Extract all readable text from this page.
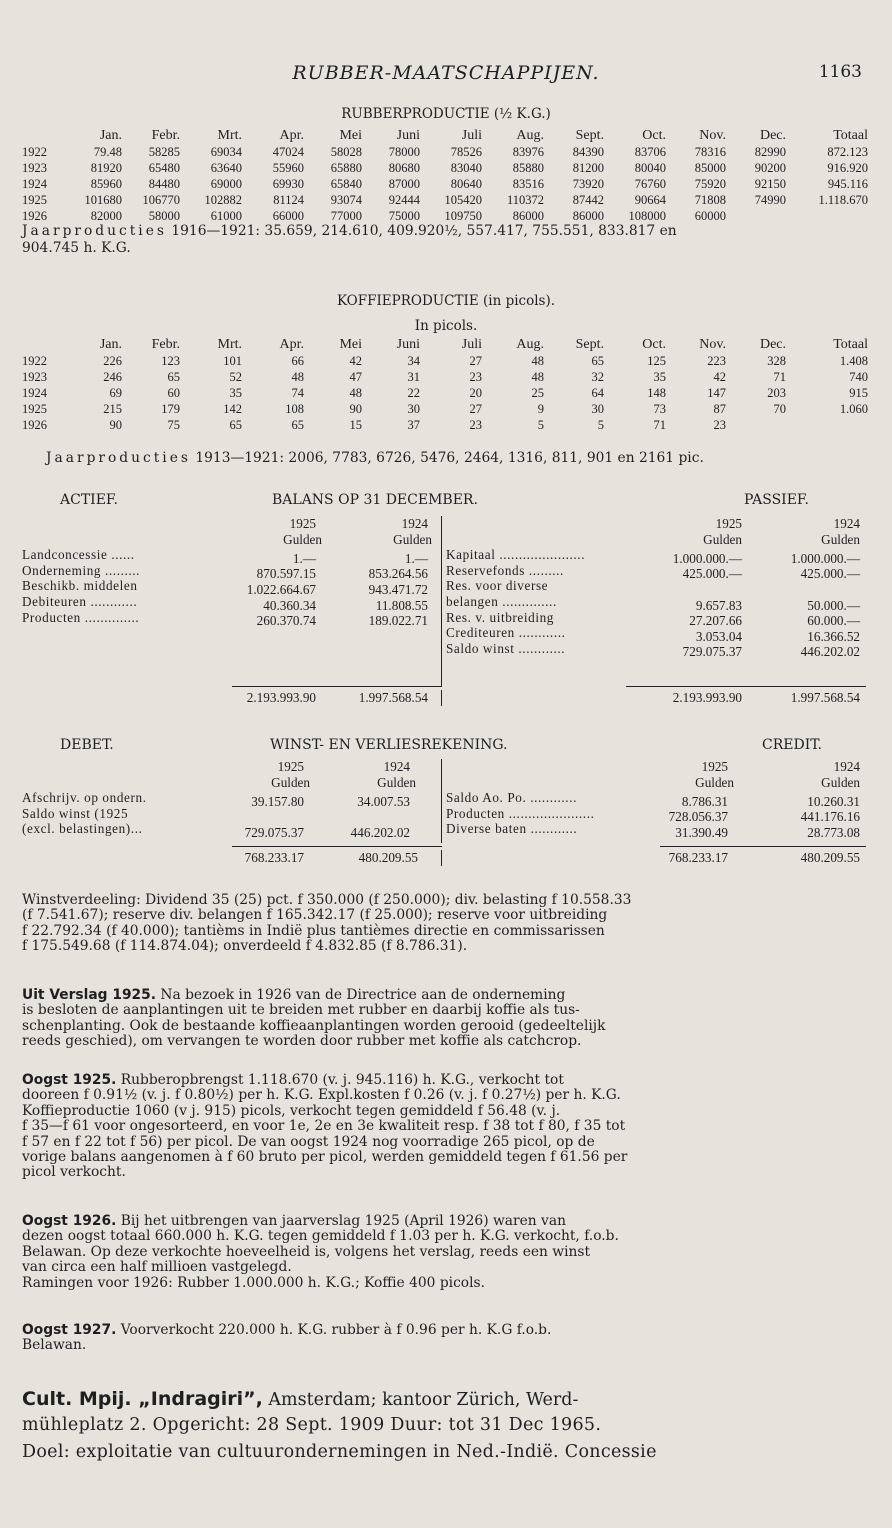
RUBBER-MAATSCHAPPIJEN.	1163
RUBBERPRODUCTIE (½ K.G.)
	Jan.	Febr.	Mrt.	Apr.	Mei	Juni	Juli	Aug.	Sept.	Oct.	Nov.	Dec.	Totaal
1922	79.48	58285	69034	47024	58028	78000	78526	83976	84390	83706	78316	82990	872.123
1923	81920	65480	63640	55960	65880	80680	83040	85880	81200	80040	85000	90200	916.920
1924	85960	84480	69000	69930	65840	87000	80640	83516	73920	76760	75920	92150	945.116
1925	101680	106770	102882	81124	93074	92444	105420	110372	87442	90664	71808	74990	1.118.670
1926	82000	58000	61000	66000	77000	75000	109750	86000	86000	108000	60000		
Jaarproducties 1916—1921: 35.659, 214.610, 409.920½, 557.417, 755.551, 833.817 en
904.745 h. K.G.
KOFFIEPRODUCTIE (in picols).
In picols.
	Jan.	Febr.	Mrt.	Apr.	Mei	Juni	Juli	Aug.	Sept.	Oct.	Nov.	Dec.	Totaal
1922	226	123	101	66	42	34	27	48	65	125	223	328	1.408
1923	246	65	52	48	47	31	23	48	32	35	42	71	740
1924	69	60	35	74	48	22	20	25	64	148	147	203	915
1925	215	179	142	108	90	30	27	9	30	73	87	70	1.060
1926	90	75	65	65	15	37	23	5	5	71	23		
Jaarproducties 1913—1921: 2006, 7783, 6726, 5476, 2464, 1316, 811, 901 en 2161 pic.
ACTIEF.	BALANS OP 31 DECEMBER.	PASSIEF.
1925	1924
Gulden	Gulden
Landconcessie ......	1.—	1.—
Onderneming .........	870.597.15	853.264.56
Beschikb. middelen	1.022.664.67	943.471.72
Debiteuren ............	40.360.34	11.808.55
Producten ..............	260.370.74	189.022.71
1925	1924
Gulden	Gulden
Kapitaal ......................	1.000.000.—	1.000.000.—
Reservefonds .........	425.000.—	425.000.—
Res. voor diverse
belangen ..............	9.657.83	50.000.—
Res. v. uitbreiding	27.207.66	60.000.—
Crediteuren ............	3.053.04	16.366.52
Saldo winst ............	729.075.37	446.202.02
2.193.993.90	1.997.568.54	2.193.993.90	1.997.568.54
DEBET.	WINST- EN VERLIESREKENING.	CREDIT.
1925	1924
Gulden	Gulden
Afschrijv. op ondern.	39.157.80	34.007.53
Saldo winst (1925
(excl. belastingen)...	729.075.37	446.202.02
1925	1924
Gulden	Gulden
Saldo Ao. Po. ............	8.786.31	10.260.31
Producten ......................	728.056.37	441.176.16
Diverse baten ............	31.390.49	28.773.08
768.233.17	480.209.55	768.233.17	480.209.55
Winstverdeeling: Dividend 35 (25) pct. f 350.000 (f 250.000); div. belasting f 10.558.33
(f 7.541.67); reserve div. belangen f 165.342.17 (f 25.000); reserve voor uitbreiding
f 22.792.34 (f 40.000); tantièms in Indië plus tantièmes directie en commissarissen
f 175.549.68 (f 114.874.04); onverdeeld f 4.832.85 (f 8.786.31).
Uit Verslag 1925. Na bezoek in 1926 van de Directrice aan de onderneming
is besloten de aanplantingen uit te breiden met rubber en daarbij koffie als tus-
schenplanting. Ook de bestaande koffieaanplantingen worden gerooid (gedeeltelijk
reeds geschied), om vervangen te worden door rubber met koffie als catchcrop.
Oogst 1925. Rubberopbrengst 1.118.670 (v. j. 945.116) h. K.G., verkocht tot
dooreen f 0.91½ (v. j. f 0.80½) per h. K.G. Expl.kosten f 0.26 (v. j. f 0.27½) per h. K.G.
Koffieproductie 1060 (v j. 915) picols, verkocht tegen gemiddeld f 56.48 (v. j.
f 35—f 61 voor ongesorteerd, en voor 1e, 2e en 3e kwaliteit resp. f 38 tot f 80, f 35 tot
f 57 en f 22 tot f 56) per picol. De van oogst 1924 nog voorradige 265 picol, op de
vorige balans aangenomen à f 60 bruto per picol, werden gemiddeld tegen f 61.56 per
picol verkocht.
Oogst 1926. Bij het uitbrengen van jaarverslag 1925 (April 1926) waren van
dezen oogst totaal 660.000 h. K.G. tegen gemiddeld f 1.03 per h. K.G. verkocht, f.o.b.
Belawan. Op deze verkochte hoeveelheid is, volgens het verslag, reeds een winst
van circa een half millioen vastgelegd.
Ramingen voor 1926: Rubber 1.000.000 h. K.G.; Koffie 400 picols.
Oogst 1927. Voorverkocht 220.000 h. K.G. rubber à f 0.96 per h. K.G f.o.b.
Belawan.
Cult. Mpij. „Indragiri”, Amsterdam; kantoor Zürich, Werd-
mühleplatz 2. Opgericht: 28 Sept. 1909 Duur: tot 31 Dec 1965.
Doel: exploitatie van cultuurondernemingen in Ned.-Indië. Concessie
